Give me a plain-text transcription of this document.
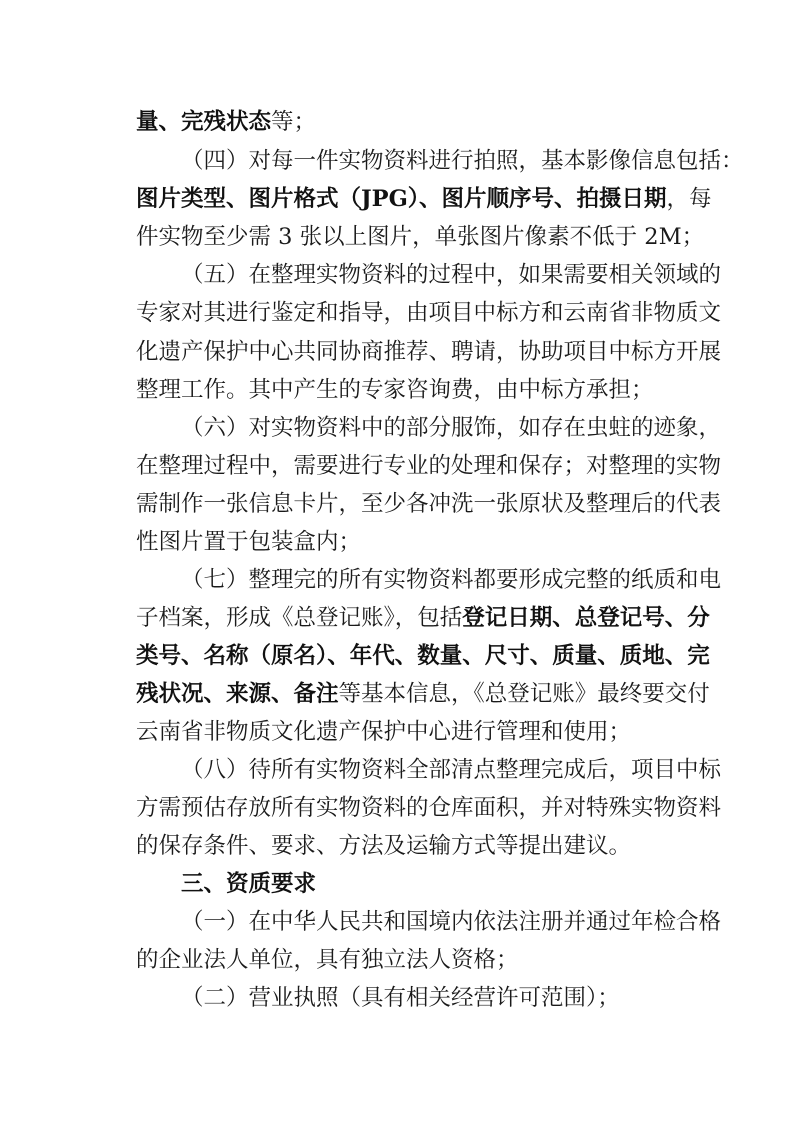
量、完残状态等；
（四）对每一件实物资料进行拍照，基本影像信息包括：
图片类型、图片格式（JPG）、图片顺序号、拍摄日期，每
件实物至少需 3 张以上图片，单张图片像素不低于 2M；
（五）在整理实物资料的过程中，如果需要相关领域的
专家对其进行鉴定和指导，由项目中标方和云南省非物质文
化遗产保护中心共同协商推荐、聘请，协助项目中标方开展
整理工作。其中产生的专家咨询费，由中标方承担；
（六）对实物资料中的部分服饰，如存在虫蛀的迹象，
在整理过程中，需要进行专业的处理和保存；对整理的实物
需制作一张信息卡片，至少各冲洗一张原状及整理后的代表
性图片置于包装盒内；
（七）整理完的所有实物资料都要形成完整的纸质和电
子档案，形成《总登记账》，包括登记日期、总登记号、分
类号、名称（原名）、年代、数量、尺寸、质量、质地、完
残状况、来源、备注等基本信息，《总登记账》最终要交付
云南省非物质文化遗产保护中心进行管理和使用；
（八）待所有实物资料全部清点整理完成后，项目中标
方需预估存放所有实物资料的仓库面积，并对特殊实物资料
的保存条件、要求、方法及运输方式等提出建议。
三、资质要求
（一）在中华人民共和国境内依法注册并通过年检合格
的企业法人单位，具有独立法人资格；
（二）营业执照（具有相关经营许可范围）；
